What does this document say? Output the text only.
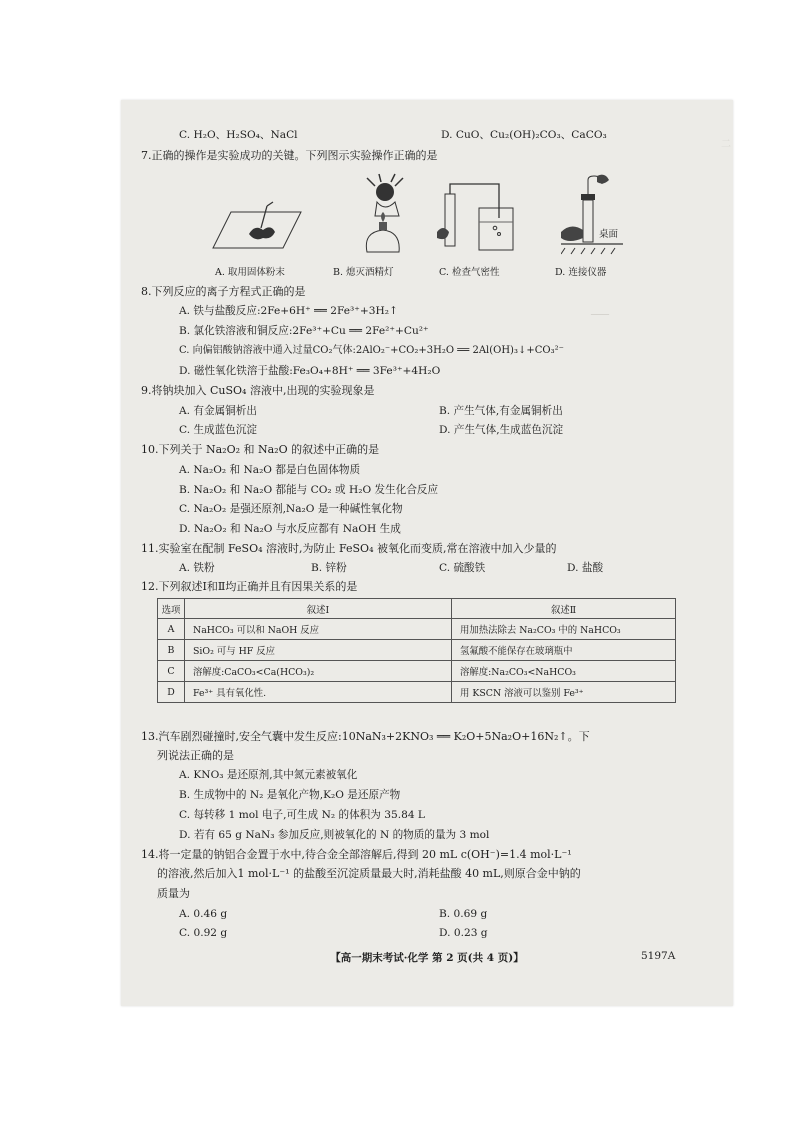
二
───
C. H₂O、H₂SO₄、NaCl	D. CuO、Cu₂(OH)₂CO₃、CaCO₃
7.正确的操作是实验成功的关键。下列图示实验操作正确的是
桌面
A. 取用固体粉末	B. 熄灭酒精灯	C. 检查气密性	D. 连接仪器
8.下列反应的离子方程式正确的是
A. 铁与盐酸反应:2Fe+6H⁺ ══ 2Fe³⁺+3H₂↑
B. 氯化铁溶液和铜反应:2Fe³⁺+Cu ══ 2Fe²⁺+Cu²⁺
C. 向偏铝酸钠溶液中通入过量CO₂气体:2AlO₂⁻+CO₂+3H₂O ══ 2Al(OH)₃↓+CO₃²⁻
D. 磁性氧化铁溶于盐酸:Fe₃O₄+8H⁺ ══ 3Fe³⁺+4H₂O
9.将钠块加入 CuSO₄ 溶液中,出现的实验现象是
A. 有金属铜析出	B. 产生气体,有金属铜析出
C. 生成蓝色沉淀	D. 产生气体,生成蓝色沉淀
10.下列关于 Na₂O₂ 和 Na₂O 的叙述中正确的是
A. Na₂O₂ 和 Na₂O 都是白色固体物质
B. Na₂O₂ 和 Na₂O 都能与 CO₂ 或 H₂O 发生化合反应
C. Na₂O₂ 是强还原剂,Na₂O 是一种碱性氧化物
D. Na₂O₂ 和 Na₂O 与水反应都有 NaOH 生成
11.实验室在配制 FeSO₄ 溶液时,为防止 FeSO₄ 被氧化而变质,常在溶液中加入少量的
A. 铁粉	B. 锌粉	C. 硫酸铁	D. 盐酸
12.下列叙述Ⅰ和Ⅱ均正确并且有因果关系的是
选项	叙述Ⅰ	叙述Ⅱ
A	NaHCO₃ 可以和 NaOH 反应	用加热法除去 Na₂CO₃ 中的 NaHCO₃
B	SiO₂ 可与 HF 反应	氢氟酸不能保存在玻璃瓶中
C	溶解度:CaCO₃<Ca(HCO₃)₂	溶解度:Na₂CO₃<NaHCO₃
D	Fe³⁺ 具有氧化性.	用 KSCN 溶液可以鉴别 Fe³⁺
13.汽车剧烈碰撞时,安全气囊中发生反应:10NaN₃+2KNO₃ ══ K₂O+5Na₂O+16N₂↑。下
列说法正确的是
A. KNO₃ 是还原剂,其中氮元素被氧化
B. 生成物中的 N₂ 是氧化产物,K₂O 是还原产物
C. 每转移 1 mol 电子,可生成 N₂ 的体积为 35.84 L
D. 若有 65 g NaN₃ 参加反应,则被氧化的 N 的物质的量为 3 mol
14.将一定量的钠铝合金置于水中,待合金全部溶解后,得到 20 mL c(OH⁻)=1.4 mol·L⁻¹
的溶液,然后加入1 mol·L⁻¹ 的盐酸至沉淀质量最大时,消耗盐酸 40 mL,则原合金中钠的
质量为
A. 0.46 g	B. 0.69 g
C. 0.92 g	D. 0.23 g
【高一期末考试·化学 第 2 页(共 4 页)】	5197A
